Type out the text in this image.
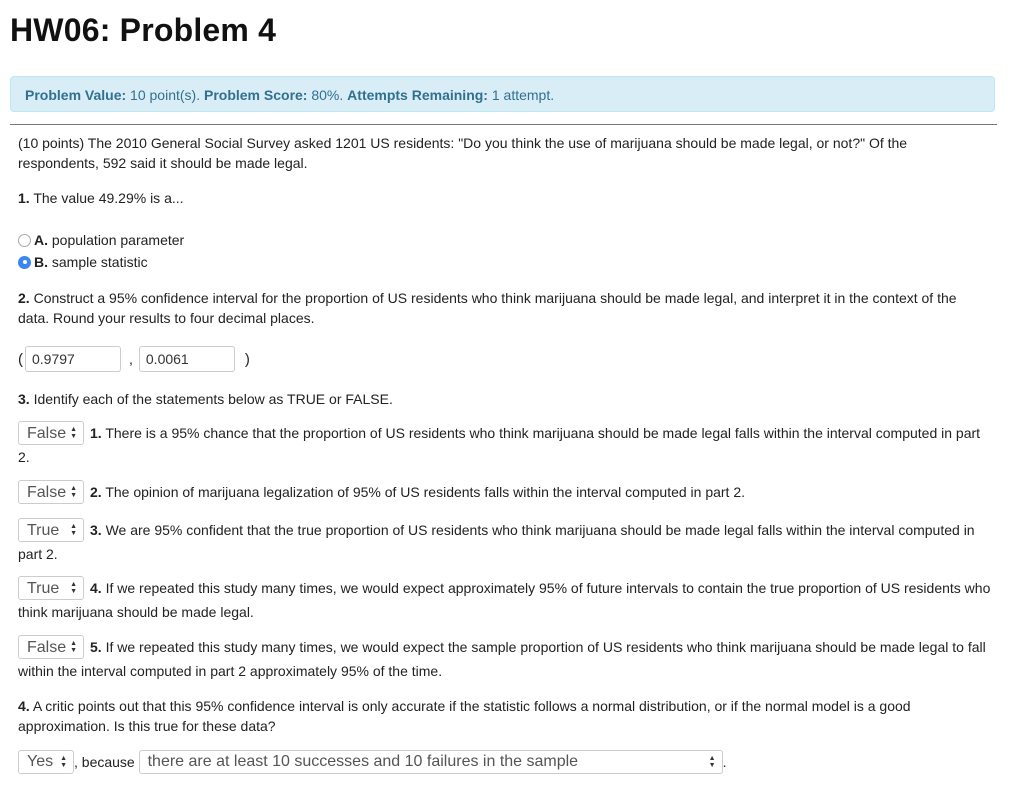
HW06: Problem 4
Problem Value: 10 point(s). Problem Score: 80%. Attempts Remaining: 1 attempt.
(10 points) The 2010 General Social Survey asked 1201 US residents: "Do you think the use of marijuana should be made legal, or not?" Of the respondents, 592 said it should be made legal.
1. The value 49.29% is a...
A.
population parameter
B.
sample statistic
2. Construct a 95% confidence interval for the proportion of US residents who think marijuana should be made legal, and interpret it in the context of the data. Round your results to four decimal places.
(
0.9797	,
0.0061	)
3. Identify each of the statements below as TRUE or FALSE.
False ▲
▼ 1. There is a 95% chance that the proportion of US residents who think marijuana should be made legal falls within the interval computed in part 2.
False ▲
▼ 2. The opinion of marijuana legalization of 95% of US residents falls within the interval computed in part 2.
True ▲
▼ 3. We are 95% confident that the true proportion of US residents who think marijuana should be made legal falls within the interval computed in part 2.
True ▲
▼ 4. If we repeated this study many times, we would expect approximately 95% of future intervals to contain the true proportion of US residents who think marijuana should be made legal.
False ▲
▼ 5. If we repeated this study many times, we would expect the sample proportion of US residents who think marijuana should be made legal to fall within the interval computed in part 2 approximately 95% of the time.
4. A critic points out that this 95% confidence interval is only accurate if the statistic follows a normal distribution, or if the normal model is a good approximation. Is this true for these data?
Yes ▲
▼ ,
because
there are at least 10 successes and 10 failures in the sample	▲
▼ .
